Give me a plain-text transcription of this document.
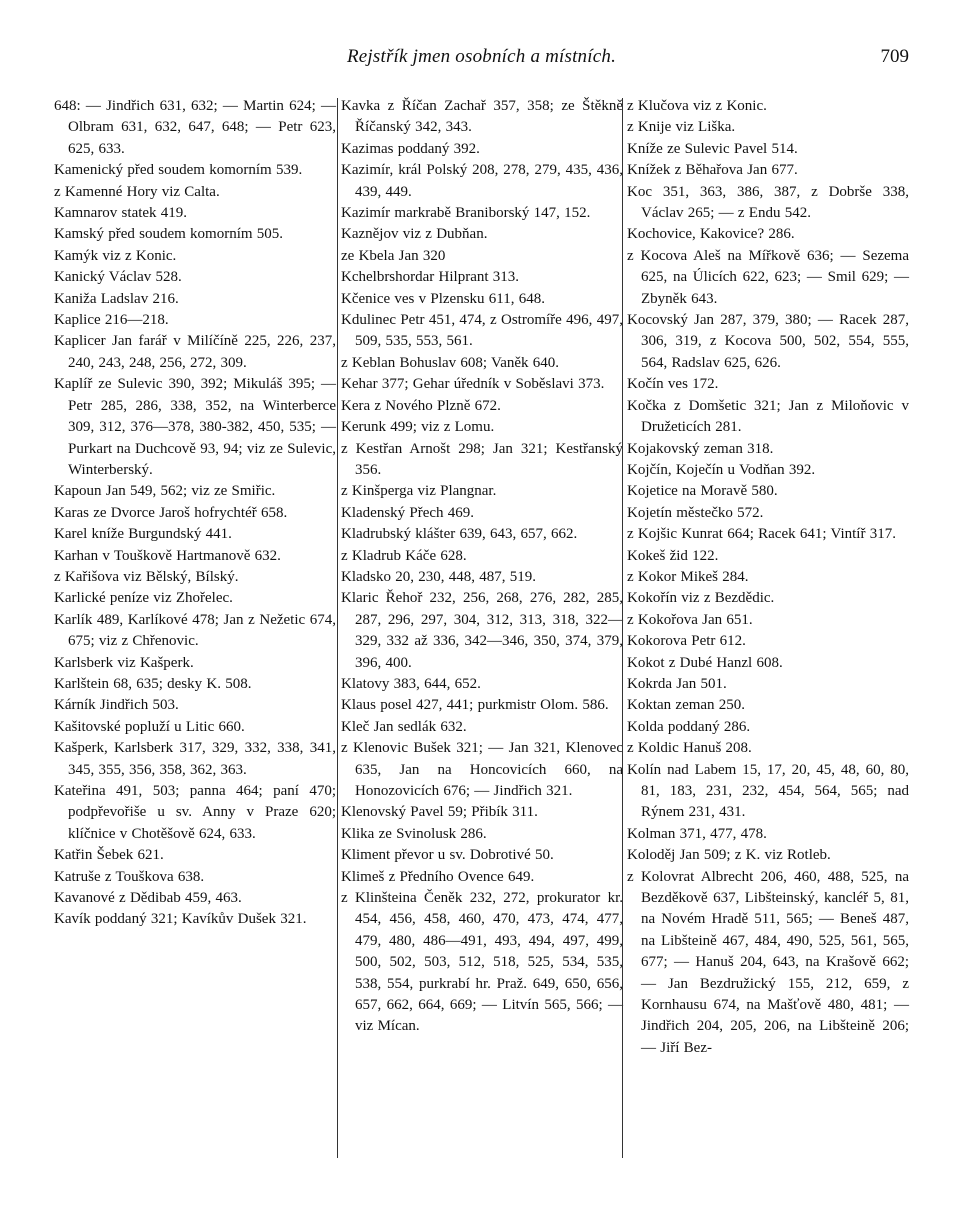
Rejstřík jmen osobních a místních.	709

648: — Jindřich 631, 632; — Martin 624; — Olbram 631, 632, 647, 648; — Petr 623, 625, 633.

Kamenický před soudem komorním 539.

z Kamenné Hory viz Calta.

Kamnarov statek 419.

Kamský před soudem komorním 505.

Kamýk viz z Konic.

Kanický Václav 528.

Kaniža Ladslav 216.

Kaplice 216—218.

Kaplicer Jan farář v Milíčíně 225, 226, 237, 240, 243, 248, 256, 272, 309.

Kaplíř ze Sulevic 390, 392; Mikuláš 395; — Petr 285, 286, 338, 352, na Winterberce 309, 312, 376—378, 380-382, 450, 535; — Purkart na Duchcově 93, 94; viz ze Sulevic, Winterberský.

Kapoun Jan 549, 562; viz ze Smiřic.

Karas ze Dvorce Jaroš hofrychtéř 658.

Karel kníže Burgundský 441.

Karhan v Touškově Hartmanově 632.

z Kařišova viz Bělský, Bílský.

Karlické peníze viz Zhořelec.

Karlík 489, Karlíkové 478; Jan z Nežetic 674, 675; viz z Chřenovic.

Karlsberk viz Kašperk.

Karlštein 68, 635; desky K. 508.

Kárník Jindřich 503.

Kašitovské popluží u Litic 660.

Kašperk, Karlsberk 317, 329, 332, 338, 341, 345, 355, 356, 358, 362, 363.

Kateřina 491, 503; panna 464; paní 470; podpřevořiše u sv. Anny v Praze 620; klíčnice v Chotěšově 624, 633.

Katřin Šebek 621.

Katruše z Touškova 638.

Kavanové z Dědibab 459, 463.

Kavík poddaný 321; Kavíkův Dušek 321.

Kavka z Říčan Zachař 357, 358; ze Štěkně Říčanský 342, 343.

Kazimas poddaný 392.

Kazimír, král Polský 208, 278, 279, 435, 436, 439, 449.

Kazimír markrabě Braniborský 147, 152.

Kaznějov viz z Dubňan.

ze Kbela Jan 320

Kchelbrshordar Hilprant 313.

Kčenice ves v Plzensku 611, 648.

Kdulinec Petr 451, 474, z Ostromíře 496, 497, 509, 535, 553, 561.

z Keblan Bohuslav 608; Vaněk 640.

Kehar 377; Gehar úředník v Soběslavi 373.

Kera z Nového Plzně 672.

Kerunk 499; viz z Lomu.

z Kestřan Arnošt 298; Jan 321; Kestřanský 356.

z Kinšperga viz Plangnar.

Kladenský Přech 469.

Kladrubský klášter 639, 643, 657, 662.

z Kladrub Káče 628.

Kladsko 20, 230, 448, 487, 519.

Klaric Řehoř 232, 256, 268, 276, 282, 285, 287, 296, 297, 304, 312, 313, 318, 322—329, 332 až 336, 342—346, 350, 374, 379, 396, 400.

Klatovy 383, 644, 652.

Klaus posel 427, 441; purkmistr Olom. 586.

Kleč Jan sedlák 632.

z Klenovic Bušek 321; — Jan 321, Klenovec 635, Jan na Honcovicích 660, na Honozovicích 676; — Jindřich 321.

Klenovský Pavel 59; Přibík 311.

Klika ze Svinolusk 286.

Kliment převor u sv. Dobrotivé 50.

Klimeš z Předního Ovence 649.

z Klinšteina Čeněk 232, 272, prokurator kr. 454, 456, 458, 460, 470, 473, 474, 477, 479, 480, 486—491, 493, 494, 497, 499, 500, 502, 503, 512, 518, 525, 534, 535, 538, 554, purkrabí hr. Praž. 649, 650, 656, 657, 662, 664, 669; — Litvín 565, 566; — viz Mícan.

z Klučova viz z Konic.

z Knije viz Liška.

Kníže ze Sulevic Pavel 514.

Knížek z Běhařova Jan 677.

Koc 351, 363, 386, 387, z Dobrše 338, Václav 265; — z Endu 542.

Kochovice, Kakovice? 286.

z Kocova Aleš na Mířkově 636; — Sezema 625, na Úlicích 622, 623; — Smil 629; — Zbyněk 643.

Kocovský Jan 287, 379, 380; — Racek 287, 306, 319, z Kocova 500, 502, 554, 555, 564, Radslav 625, 626.

Kočín ves 172.

Kočka z Domšetic 321; Jan z Miloňovic v Družeticích 281.

Kojakovský zeman 318.

Kojčín, Koječín u Vodňan 392.

Kojetice na Moravě 580.

Kojetín městečko 572.

z Kojšic Kunrat 664; Racek 641; Vintíř 317.

Kokeš žid 122.

z Kokor Mikeš 284.

Kokořín viz z Bezdědic.

z Kokořova Jan 651.

Kokorova Petr 612.

Kokot z Dubé Hanzl 608.

Kokrda Jan 501.

Koktan zeman 250.

Kolda poddaný 286.

z Koldic Hanuš 208.

Kolín nad Labem 15, 17, 20, 45, 48, 60, 80, 81, 183, 231, 232, 454, 564, 565; nad Rýnem 231, 431.

Kolman 371, 477, 478.

Koloděj Jan 509; z K. viz Rotleb.

z Kolovrat Albrecht 206, 460, 488, 525, na Bezděkově 637, Libšteinský, kancléř 5, 81, na Novém Hradě 511, 565; — Beneš 487, na Libšteině 467, 484, 490, 525, 561, 565, 677; — Hanuš 204, 643, na Krašově 662; — Jan Bezdružický 155, 212, 659, z Kornhausu 674, na Mašťově 480, 481; — Jindřich 204, 205, 206, na Libšteině 206; — Jiří Bez-
